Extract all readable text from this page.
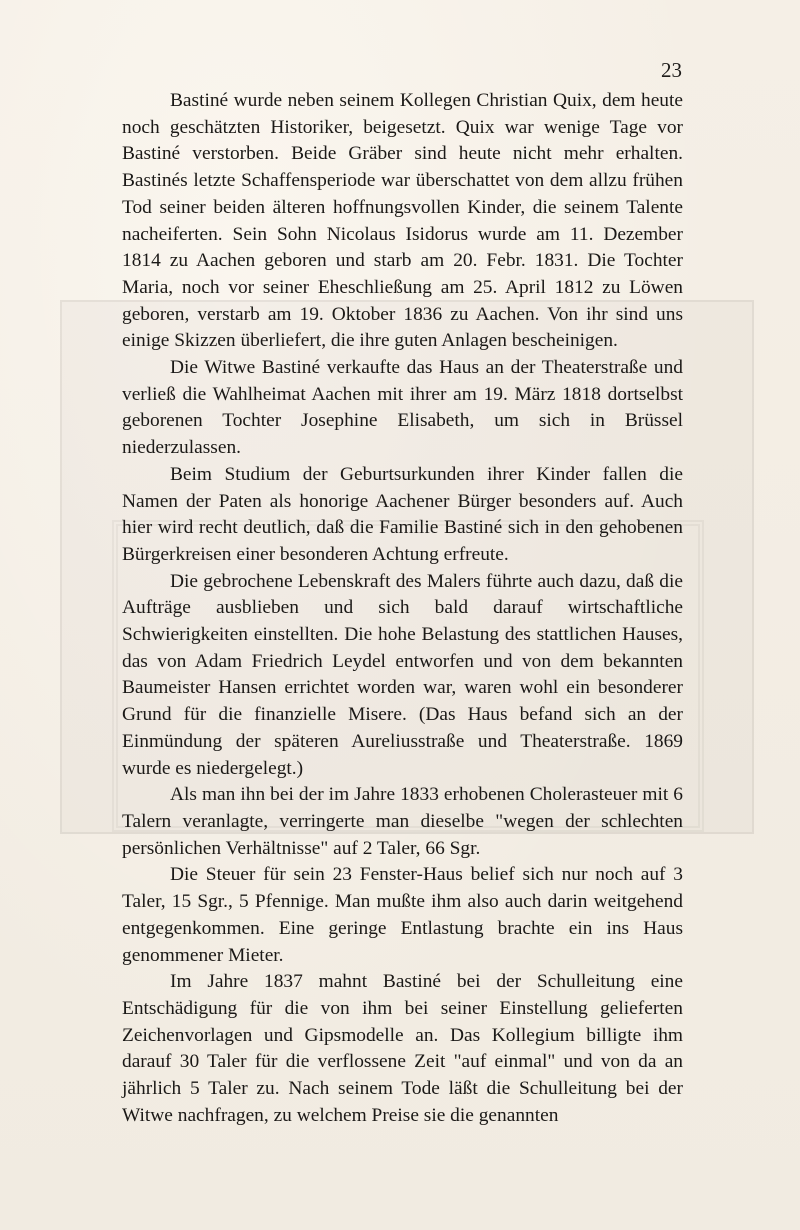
23

Bastiné wurde neben seinem Kollegen Christian Quix, dem heute noch geschätzten Historiker, beigesetzt. Quix war wenige Tage vor Bastiné verstorben. Beide Gräber sind heute nicht mehr erhalten. Bastinés letzte Schaffensperiode war überschattet von dem allzu frühen Tod seiner beiden älteren hoffnungsvollen Kinder, die seinem Talente nacheiferten. Sein Sohn Nicolaus Isidorus wurde am 11. Dezember 1814 zu Aachen geboren und starb am 20. Febr. 1831. Die Tochter Maria, noch vor seiner Eheschließung am 25. April 1812 zu Löwen geboren, verstarb am 19. Oktober 1836 zu Aachen. Von ihr sind uns einige Skizzen überliefert, die ihre guten Anlagen bescheinigen.

Die Witwe Bastiné verkaufte das Haus an der Theaterstraße und verließ die Wahlheimat Aachen mit ihrer am 19. März 1818 dortselbst geborenen Tochter Josephine Elisabeth, um sich in Brüssel niederzulassen.

Beim Studium der Geburtsurkunden ihrer Kinder fallen die Namen der Paten als honorige Aachener Bürger besonders auf. Auch hier wird recht deutlich, daß die Familie Bastiné sich in den gehobenen Bürgerkreisen einer besonderen Achtung erfreute.

Die gebrochene Lebenskraft des Malers führte auch dazu, daß die Aufträge ausblieben und sich bald darauf wirtschaftliche Schwierigkeiten einstellten. Die hohe Belastung des stattlichen Hauses, das von Adam Friedrich Leydel entworfen und von dem bekannten Baumeister Hansen errichtet worden war, waren wohl ein besonderer Grund für die finanzielle Misere. (Das Haus befand sich an der Einmündung der späteren Aureliusstraße und Theaterstraße. 1869 wurde es niedergelegt.)

Als man ihn bei der im Jahre 1833 erhobenen Cholerasteuer mit 6 Talern veranlagte, verringerte man dieselbe "wegen der schlechten persönlichen Verhältnisse" auf 2 Taler, 66 Sgr.

Die Steuer für sein 23 Fenster-Haus belief sich nur noch auf 3 Taler, 15 Sgr., 5 Pfennige. Man mußte ihm also auch darin weitgehend entgegenkommen. Eine geringe Entlastung brachte ein ins Haus genommener Mieter.

Im Jahre 1837 mahnt Bastiné bei der Schulleitung eine Entschädigung für die von ihm bei seiner Einstellung gelieferten Zeichenvorlagen und Gipsmodelle an. Das Kollegium billigte ihm darauf 30 Taler für die verflossene Zeit "auf einmal" und von da an jährlich 5 Taler zu. Nach seinem Tode läßt die Schulleitung bei der Witwe nachfragen, zu welchem Preise sie die genannten
